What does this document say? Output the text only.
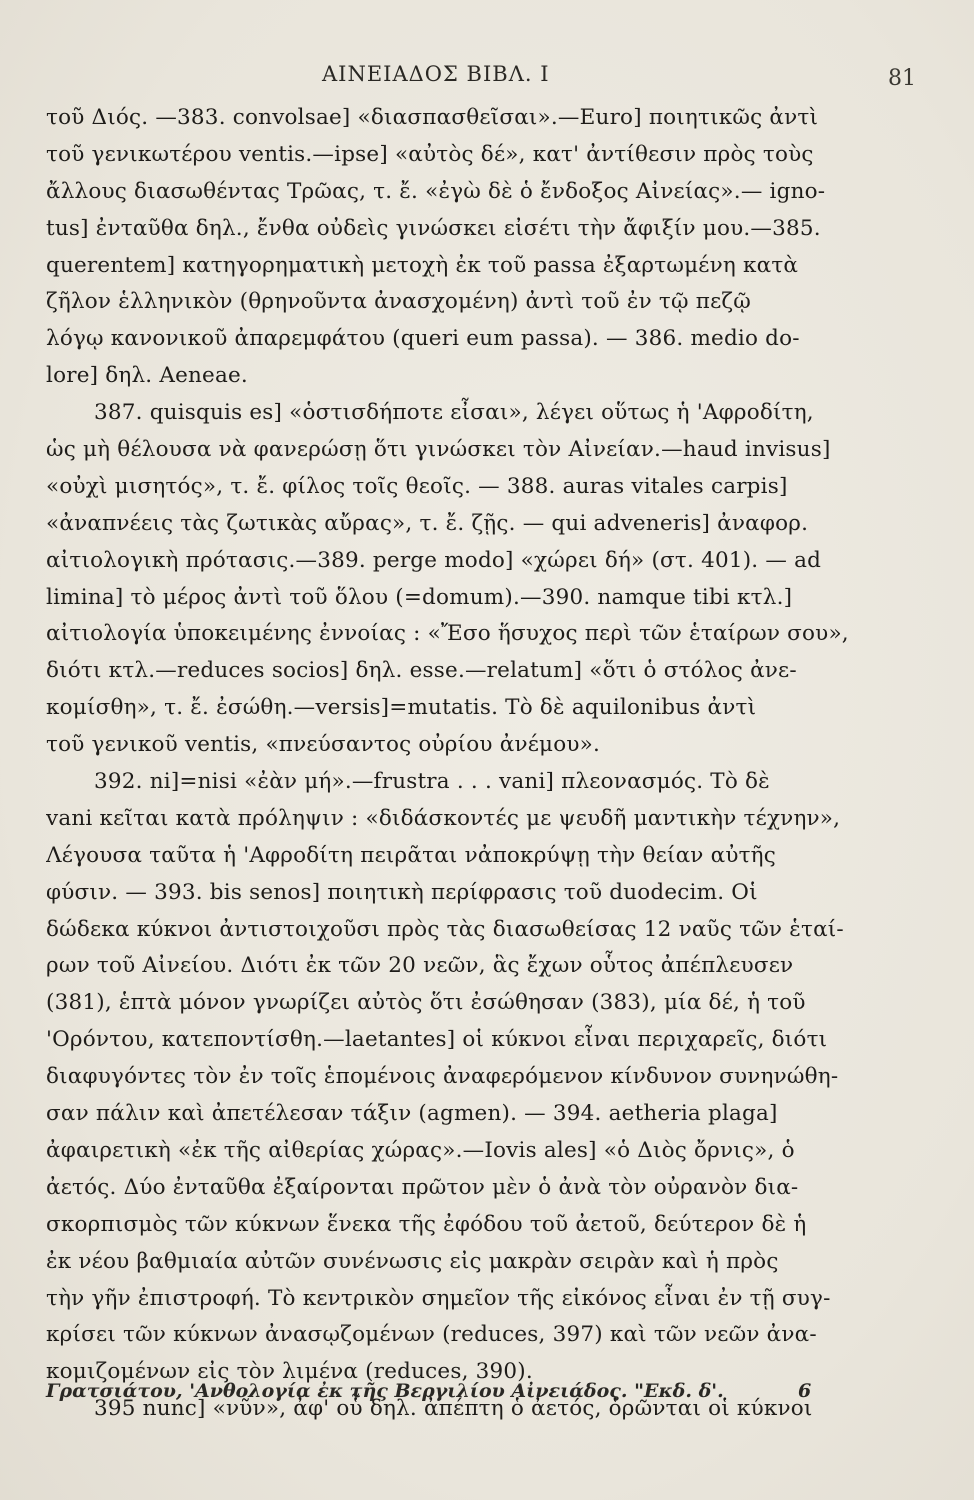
ΑΙΝΕΙΑΔΟΣ ΒΙΒΛ. Ι	81
τοῦ Διός. —383. convolsae] «διασπασθεῖσαι».—Euro] ποιητικῶς ἀντὶ
τοῦ γενικωτέρου ventis.—ipse] «αὐτὸς δέ», κατ' ἀντίθεσιν πρὸς τοὺς
ἄλλους διασωθέντας Τρῶας, τ. ἔ. «ἐγὼ δὲ ὁ ἔνδοξος Αἰνείας».— igno-
tus] ἐνταῦθα δηλ., ἔνθα οὐδεὶς γινώσκει εἰσέτι τὴν ἄφιξίν μου.—385.
querentem] κατηγορηματικὴ μετοχὴ ἐκ τοῦ passa ἐξαρτωμένη κατὰ
ζῆλον ἑλληνικὸν (θρηνοῦντα ἀνασχομένη) ἀντὶ τοῦ ἐν τῷ πεζῷ
λόγῳ κανονικοῦ ἀπαρεμφάτου (queri eum passa). — 386. medio do-
lore] δηλ. Aeneae.
387. quisquis es] «ὁστισδήποτε εἶσαι», λέγει οὕτως ἡ 'Αφροδίτη,
ὡς μὴ θέλουσα νὰ φανερώσῃ ὅτι γινώσκει τὸν Αἰνείαν.—haud invisus]
«οὐχὶ μισητός», τ. ἔ. φίλος τοῖς θεοῖς. — 388. auras vitales carpis]
«ἀναπνέεις τὰς ζωτικὰς αὔρας», τ. ἔ. ζῇς. — qui adveneris] ἀναφορ.
αἰτιολογικὴ πρότασις.—389. perge modo] «χώρει δή» (στ. 401). — ad
limina] τὸ μέρος ἀντὶ τοῦ ὅλου (=domum).—390. namque tibi κτλ.]
αἰτιολογία ὑποκειμένης ἐννοίας : «Ἔσο ἥσυχος περὶ τῶν ἑταίρων σου»,
διότι κτλ.—reduces socios] δηλ. esse.—relatum] «ὅτι ὁ στόλος ἀνε-
κομίσθη», τ. ἔ. ἐσώθη.—versis]=mutatis. Τὸ δὲ aquilonibus ἀντὶ
τοῦ γενικοῦ ventis, «πνεύσαντος οὐρίου ἀνέμου».
392. ni]=nisi «ἐὰν μή».—frustra . . . vani] πλεονασμός. Τὸ δὲ
vani κεῖται κατὰ πρόληψιν : «διδάσκοντές με ψευδῆ μαντικὴν τέχνην»,
Λέγουσα ταῦτα ἡ 'Αφροδίτη πειρᾶται νἀποκρύψῃ τὴν θείαν αὐτῆς
φύσιν. — 393. bis senos] ποιητικὴ περίφρασις τοῦ duodecim. Οἱ
δώδεκα κύκνοι ἀντιστοιχοῦσι πρὸς τὰς διασωθείσας 12 ναῦς τῶν ἑταί-
ρων τοῦ Αἰνείου. Διότι ἐκ τῶν 20 νεῶν, ἃς ἔχων οὗτος ἀπέπλευσεν
(381), ἑπτὰ μόνον γνωρίζει αὐτὸς ὅτι ἐσώθησαν (383), μία δέ, ἡ τοῦ
'Ορόντου, κατεποντίσθη.—laetantes] οἱ κύκνοι εἶναι περιχαρεῖς, διότι
διαφυγόντες τὸν ἐν τοῖς ἑπομένοις ἀναφερόμενον κίνδυνον συνηνώθη-
σαν πάλιν καὶ ἀπετέλεσαν τάξιν (agmen). — 394. aetheria plaga]
ἀφαιρετικὴ «ἐκ τῆς αἰθερίας χώρας».—Iovis ales] «ὁ Διὸς ὄρνις», ὁ
ἀετός. Δύο ἐνταῦθα ἐξαίρονται πρῶτον μὲν ὁ ἀνὰ τὸν οὐρανὸν δια-
σκορπισμὸς τῶν κύκνων ἕνεκα τῆς ἐφόδου τοῦ ἀετοῦ, δεύτερον δὲ ἡ
ἐκ νέου βαθμιαία αὐτῶν συνένωσις εἰς μακρὰν σειρὰν καὶ ἡ πρὸς
τὴν γῆν ἐπιστροφή. Τὸ κεντρικὸν σημεῖον τῆς εἰκόνος εἶναι ἐν τῇ συγ-
κρίσει τῶν κύκνων ἀνασῳζομένων (reduces, 397) καὶ τῶν νεῶν ἀνα-
κομιζομένων εἰς τὸν λιμένα (reduces, 390).
395 nunc] «νῦν», ἀφ' οὗ δηλ. ἀπέπτη ὁ ἀετός, ὁρῶνται οἱ κύκνοι
Γρατσιάτου, 'Ανθολογία ἐκ τῆς Βεργιλίου Αἰνειάδος. "Εκδ. δ'.	6
